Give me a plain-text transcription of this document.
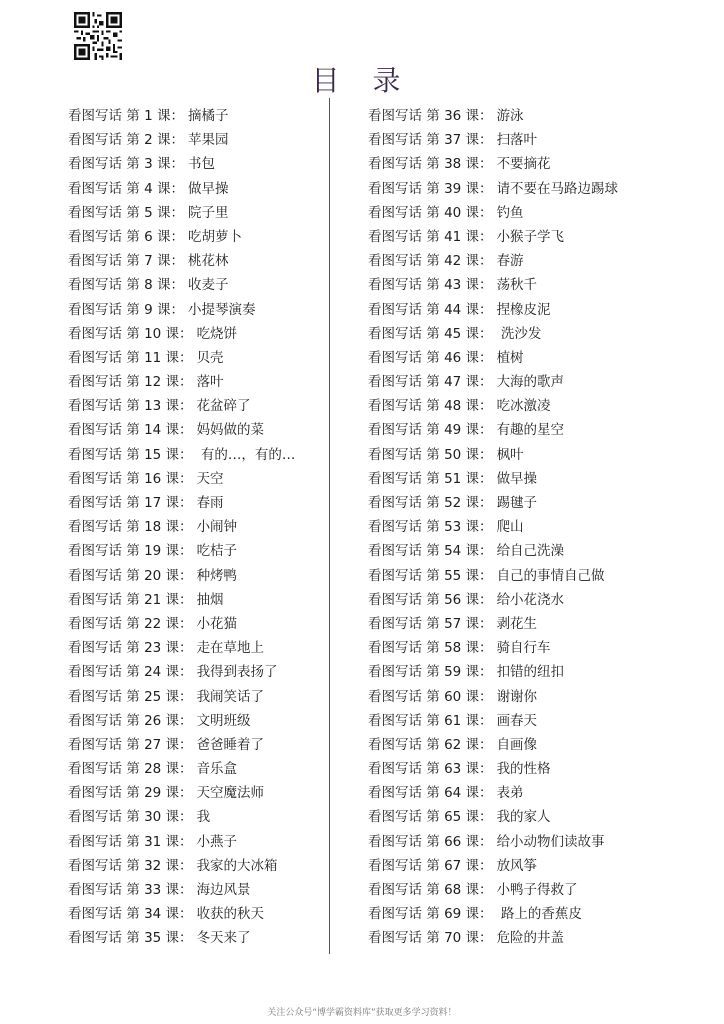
目 录
看图写话 第 1 课： 摘橘子
看图写话 第 2 课： 苹果园
看图写话 第 3 课： 书包
看图写话 第 4 课： 做早操
看图写话 第 5 课： 院子里
看图写话 第 6 课： 吃胡萝卜
看图写话 第 7 课： 桃花林
看图写话 第 8 课： 收麦子
看图写话 第 9 课： 小提琴演奏
看图写话 第 10 课： 吃烧饼
看图写话 第 11 课： 贝壳
看图写话 第 12 课： 落叶
看图写话 第 13 课： 花盆碎了
看图写话 第 14 课： 妈妈做的菜
看图写话 第 15 课： 有的…，有的…
看图写话 第 16 课： 天空
看图写话 第 17 课： 春雨
看图写话 第 18 课： 小闹钟
看图写话 第 19 课： 吃桔子
看图写话 第 20 课： 种烤鸭
看图写话 第 21 课： 抽烟
看图写话 第 22 课： 小花猫
看图写话 第 23 课： 走在草地上
看图写话 第 24 课： 我得到表扬了
看图写话 第 25 课： 我闹笑话了
看图写话 第 26 课： 文明班级
看图写话 第 27 课： 爸爸睡着了
看图写话 第 28 课： 音乐盒
看图写话 第 29 课： 天空魔法师
看图写话 第 30 课： 我
看图写话 第 31 课： 小燕子
看图写话 第 32 课： 我家的大冰箱
看图写话 第 33 课： 海边风景
看图写话 第 34 课： 收获的秋天
看图写话 第 35 课： 冬天来了
看图写话 第 36 课： 游泳
看图写话 第 37 课： 扫落叶
看图写话 第 38 课： 不要摘花
看图写话 第 39 课： 请不要在马路边踢球
看图写话 第 40 课： 钓鱼
看图写话 第 41 课： 小猴子学飞
看图写话 第 42 课： 春游
看图写话 第 43 课： 荡秋千
看图写话 第 44 课： 捏橡皮泥
看图写话 第 45 课： 洗沙发
看图写话 第 46 课： 植树
看图写话 第 47 课： 大海的歌声
看图写话 第 48 课： 吃冰激凌
看图写话 第 49 课： 有趣的星空
看图写话 第 50 课： 枫叶
看图写话 第 51 课： 做早操
看图写话 第 52 课： 踢毽子
看图写话 第 53 课： 爬山
看图写话 第 54 课： 给自己洗澡
看图写话 第 55 课： 自己的事情自己做
看图写话 第 56 课： 给小花浇水
看图写话 第 57 课： 剥花生
看图写话 第 58 课： 骑自行车
看图写话 第 59 课： 扣错的纽扣
看图写话 第 60 课： 谢谢你
看图写话 第 61 课： 画春天
看图写话 第 62 课： 自画像
看图写话 第 63 课： 我的性格
看图写话 第 64 课： 表弟
看图写话 第 65 课： 我的家人
看图写话 第 66 课： 给小动物们读故事
看图写话 第 67 课： 放风筝
看图写话 第 68 课： 小鸭子得救了
看图写话 第 69 课： 路上的香蕉皮
看图写话 第 70 课： 危险的井盖
关注公众号“博学霸资料库”获取更多学习资料！
